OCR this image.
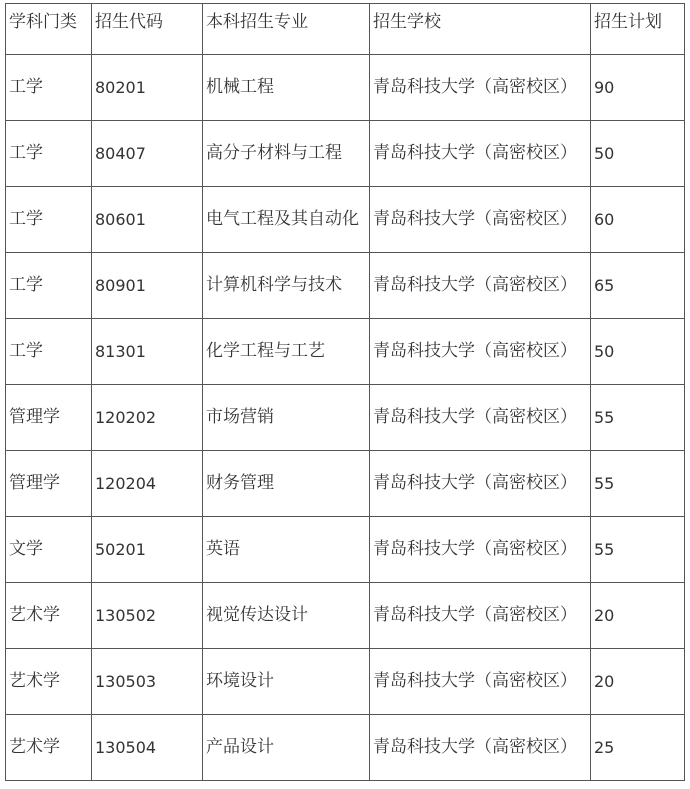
学科门类	招生代码	本科招生专业	招生学校	招生计划
工学	80201	机械工程	青岛科技大学（高密校区）	90
工学	80407	高分子材料与工程	青岛科技大学（高密校区）	50
工学	80601	电气工程及其自动化	青岛科技大学（高密校区）	60
工学	80901	计算机科学与技术	青岛科技大学（高密校区）	65
工学	81301	化学工程与工艺	青岛科技大学（高密校区）	50
管理学	120202	市场营销	青岛科技大学（高密校区）	55
管理学	120204	财务管理	青岛科技大学（高密校区）	55
文学	50201	英语	青岛科技大学（高密校区）	55
艺术学	130502	视觉传达设计	青岛科技大学（高密校区）	20
艺术学	130503	环境设计	青岛科技大学（高密校区）	20
艺术学	130504	产品设计	青岛科技大学（高密校区）	25
